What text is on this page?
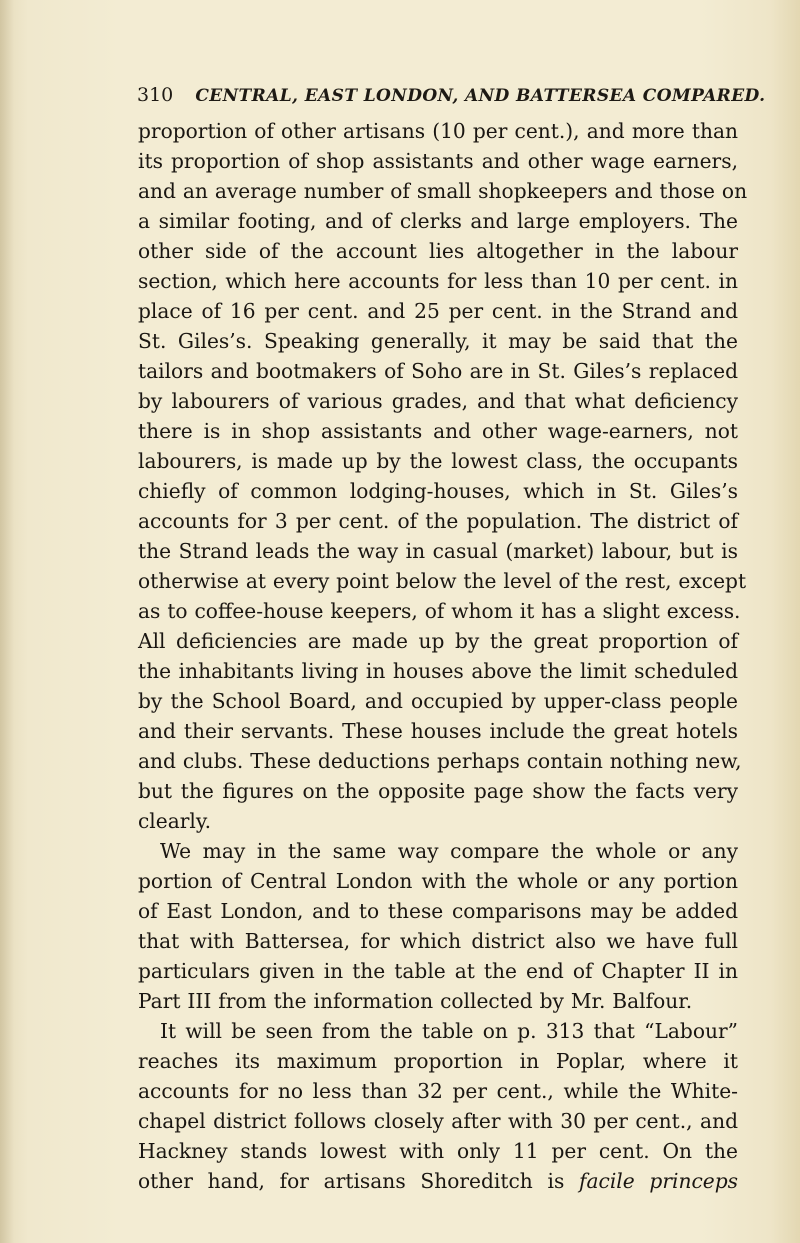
310 CENTRAL, EAST LONDON, AND BATTERSEA COMPARED.
proportion of other artisans (10 per cent.), and more than
its proportion of shop assistants and other wage earners,
and an average number of small shopkeepers and those on
a similar footing, and of clerks and large employers. The
other side of the account lies altogether in the labour
section, which here accounts for less than 10 per cent. in
place of 16 per cent. and 25 per cent. in the Strand and
St. Giles’s. Speaking generally, it may be said that the
tailors and bootmakers of Soho are in St. Giles’s replaced
by labourers of various grades, and that what deficiency
there is in shop assistants and other wage-earners, not
labourers, is made up by the lowest class, the occupants
chiefly of common lodging-houses, which in St. Giles’s
accounts for 3 per cent. of the population. The district of
the Strand leads the way in casual (market) labour, but is
otherwise at every point below the level of the rest, except
as to coffee-house keepers, of whom it has a slight excess.
All deficiencies are made up by the great proportion of
the inhabitants living in houses above the limit scheduled
by the School Board, and occupied by upper-class people
and their servants. These houses include the great hotels
and clubs. These deductions perhaps contain nothing new,
but the figures on the opposite page show the facts very
clearly.
We may in the same way compare the whole or any
portion of Central London with the whole or any portion
of East London, and to these comparisons may be added
that with Battersea, for which district also we have full
particulars given in the table at the end of Chapter II in
Part III from the information collected by Mr. Balfour.
It will be seen from the table on p. 313 that “Labour”
reaches its maximum proportion in Poplar, where it
accounts for no less than 32 per cent., while the White-
chapel district follows closely after with 30 per cent., and
Hackney stands lowest with only 11 per cent. On the
other hand, for artisans Shoreditch is facile princeps
